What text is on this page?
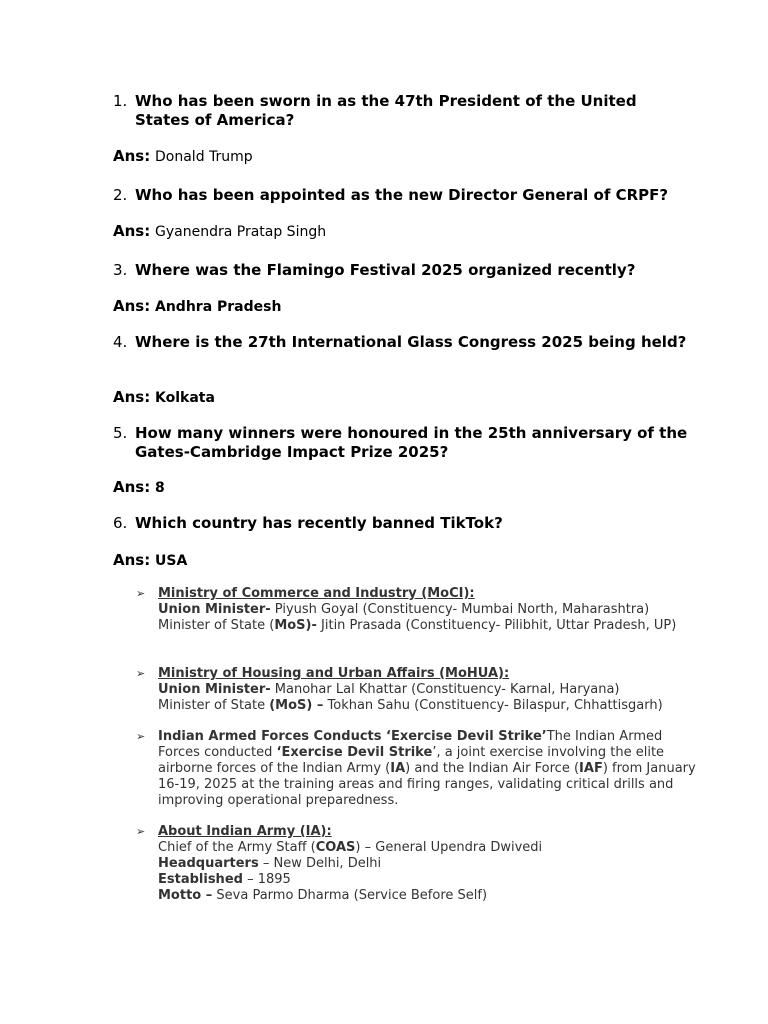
1. Who has been sworn in as the 47th President of the United States of America?
Ans: Donald Trump
2. Who has been appointed as the new Director General of CRPF?
Ans: Gyanendra Pratap Singh
3. Where was the Flamingo Festival 2025 organized recently?
Ans: Andhra Pradesh
4. Where is the 27th International Glass Congress 2025 being held?
Ans: Kolkata
5. How many winners were honoured in the 25th anniversary of the Gates-Cambridge Impact Prize 2025?
Ans: 8
6. Which country has recently banned TikTok?
Ans: USA
➢ Ministry of Commerce and Industry (MoCI):
Union Minister- Piyush Goyal (Constituency- Mumbai North, Maharashtra)
Minister of State (MoS)- Jitin Prasada (Constituency- Pilibhit, Uttar Pradesh, UP)
➢ Ministry of Housing and Urban Affairs (MoHUA):
Union Minister- Manohar Lal Khattar (Constituency- Karnal, Haryana)
Minister of State (MoS) – Tokhan Sahu (Constituency- Bilaspur, Chhattisgarh)
➢ Indian Armed Forces Conducts ‘Exercise Devil Strike’The Indian Armed Forces conducted ‘Exercise Devil Strike’, a joint exercise involving the elite airborne forces of the Indian Army (IA) and the Indian Air Force (IAF) from January 16-19, 2025 at the training areas and firing ranges, validating critical drills and improving operational preparedness.
➢ About Indian Army (IA):
Chief of the Army Staff (COAS) – General Upendra Dwivedi
Headquarters – New Delhi, Delhi
Established – 1895
Motto – Seva Parmo Dharma (Service Before Self)
